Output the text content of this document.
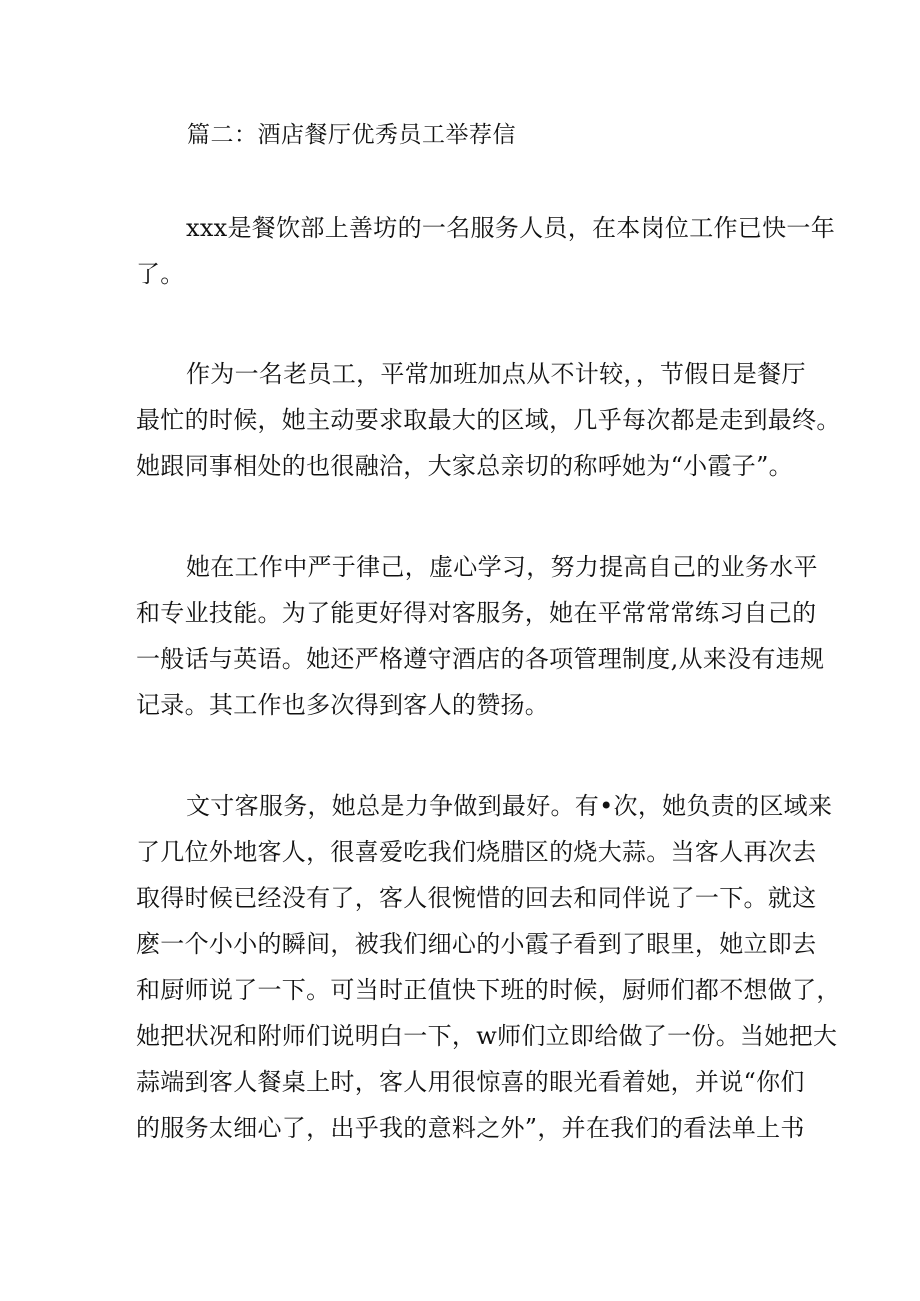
篇二：酒店餐厅优秀员工举荐信
xxx是餐饮部上善坊的一名服务人员，在本岗位工作已快一年
了。
作为一名老员工，平常加班加点从不计较，，节假日是餐厅
最忙的时候，她主动要求取最大的区域，几乎每次都是走到最终。
她跟同事相处的也很融洽，大家总亲切的称呼她为“小霞子”。
她在工作中严于律己，虚心学习，努力提高自己的业务水平
和专业技能。为了能更好得对客服务，她在平常常常练习自己的
一般话与英语。她还严格遵守酒店的各项管理制度,从来没有违规
记录。其工作也多次得到客人的赞扬。
文寸客服务，她总是力争做到最好。有•次，她负责的区域来
了几位外地客人，很喜爱吃我们烧腊区的烧大蒜。当客人再次去
取得时候已经没有了，客人很惋惜的回去和同伴说了一下。就这
麽一个小小的瞬间，被我们细心的小霞子看到了眼里，她立即去
和厨师说了一下。可当时正值快下班的时候，厨师们都不想做了，
她把状况和附师们说明白一下，w师们立即给做了一份。当她把大
蒜端到客人餐桌上时，客人用很惊喜的眼光看着她，并说“你们
的服务太细心了，出乎我的意料之外”，并在我们的看法单上书
